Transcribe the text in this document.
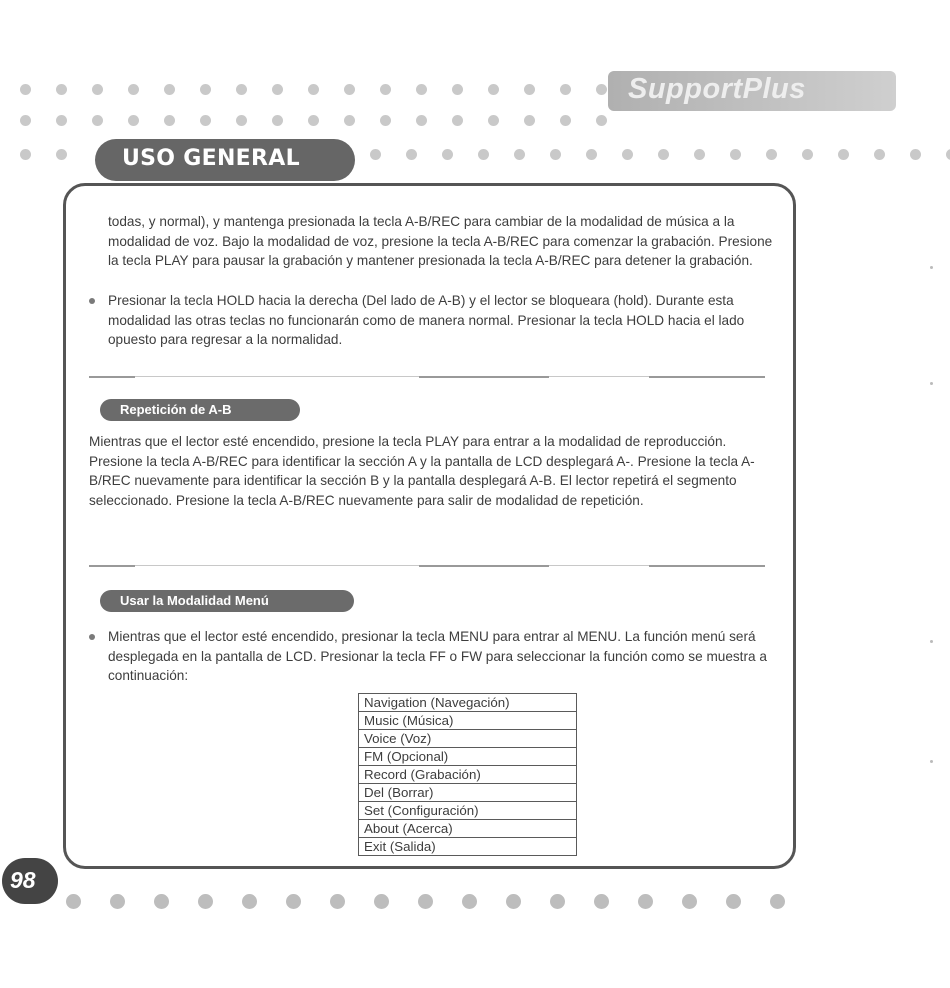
SupportPlus
USO GENERAL

todas, y normal), y mantenga presionada la tecla A-B/REC para cambiar de la modalidad de música a la modalidad de voz. Bajo la modalidad de voz, presione la tecla A-B/REC para comenzar la grabación. Presione la tecla PLAY para pausar la grabación y mantener presionada la tecla A-B/REC para detener la grabación.

Presionar la tecla HOLD hacia la derecha (Del lado de A-B) y el lector se bloqueara (hold). Durante esta modalidad las otras teclas no funcionarán como de manera normal. Presionar la tecla HOLD hacia el lado opuesto para regresar a la normalidad.
Repetición de A-B

Mientras que el lector esté encendido, presione la tecla PLAY para entrar a la modalidad de reproducción. Presione la tecla A-B/REC para identificar la sección A y la pantalla de LCD desplegará A-. Presione la tecla A-B/REC nuevamente para identificar la sección B y la pantalla desplegará A-B. El lector repetirá el segmento seleccionado. Presione la tecla A-B/REC nuevamente para salir de modalidad de repetición.

Usar la Modalidad Menú
Mientras que el lector esté encendido, presionar la tecla MENU para entrar al MENU. La función menú será desplegada en la pantalla de LCD. Presionar la tecla FF o FW para seleccionar la función como se muestra a continuación:
Navigation (Navegación)
Music (Música)
Voice (Voz)
FM (Opcional)
Record (Grabación)
Del (Borrar)
Set (Configuración)
About (Acerca)
Exit (Salida)
98
